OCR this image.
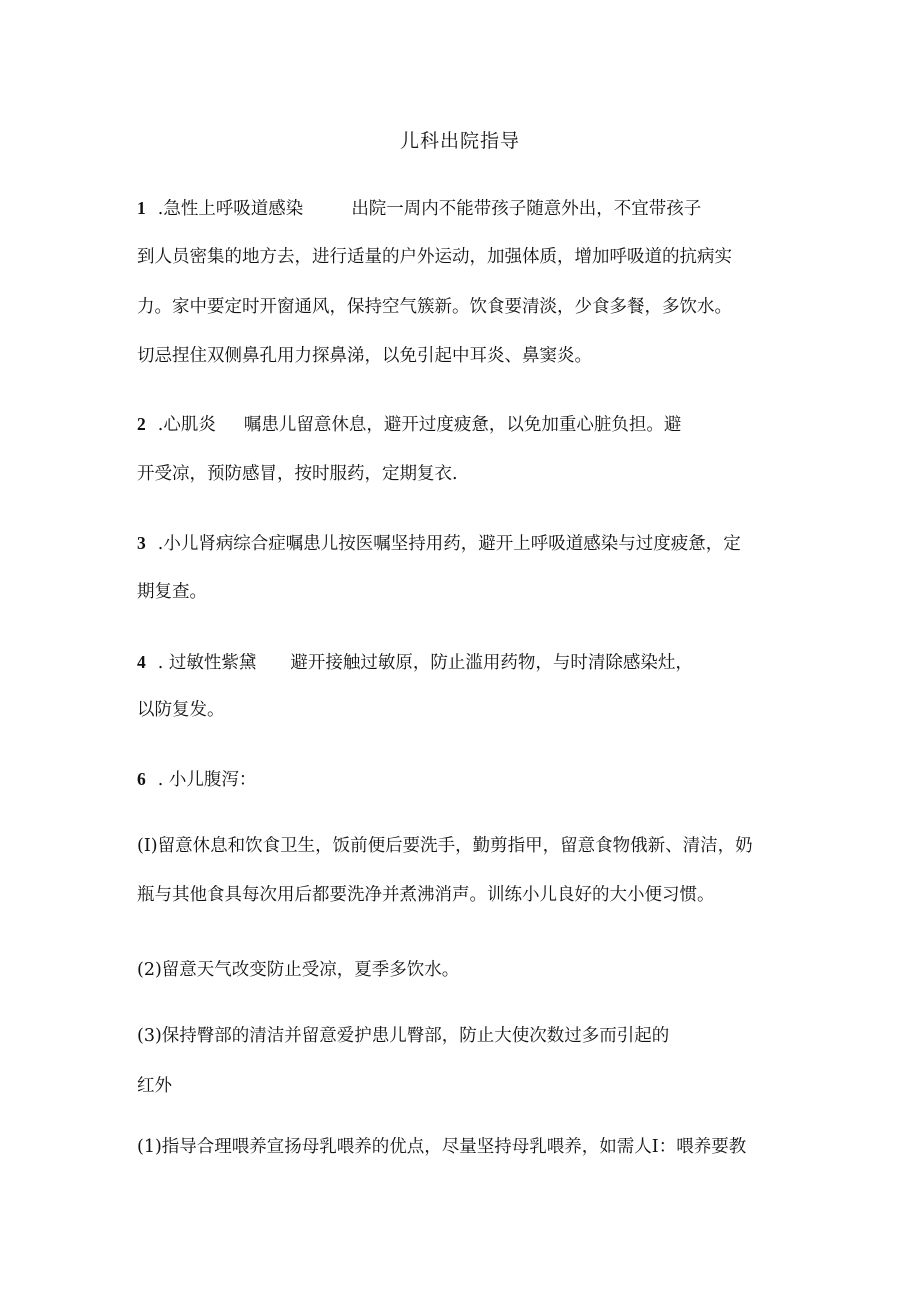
儿科出院指导
1 .急性上呼吸道感染	出院一周内不能带孩子随意外出，不宜带孩子
到人员密集的地方去，进行适量的户外运动，加强体质，增加呼吸道的抗病实
力。家中要定时开窗通风，保持空气簇新。饮食要清淡，少食多餐，多饮水。
切忌捏住双侧鼻孔用力探鼻涕，以免引起中耳炎、鼻窦炎。
2 .心肌炎 嘱患儿留意休息，避开过度疲惫，以免加重心脏负担。避
开受凉，预防感冒，按时服药，定期复衣.
3 .小儿肾病综合症嘱患儿按医嘱坚持用药，避开上呼吸道感染与过度疲惫，定
期复查。
4 . 过敏性紫黛 避开接触过敏原，防止滥用药物，与时清除感染灶，
以防复发。
6 . 小儿腹泻：
(I)留意休息和饮食卫生，饭前便后要洗手，勤剪指甲，留意食物俄新、清洁，奶
瓶与其他食具每次用后都要洗净并煮沸消声。训练小儿良好的大小便习惯。
(2)留意天气改变防止受凉，夏季多饮水。
(3)保持臀部的清洁并留意爱护患儿臀部，防止大使次数过多而引起的
红外
(1)指导合理喂养宣扬母乳喂养的优点，尽量坚持母乳喂养，如需人I：喂养要教
